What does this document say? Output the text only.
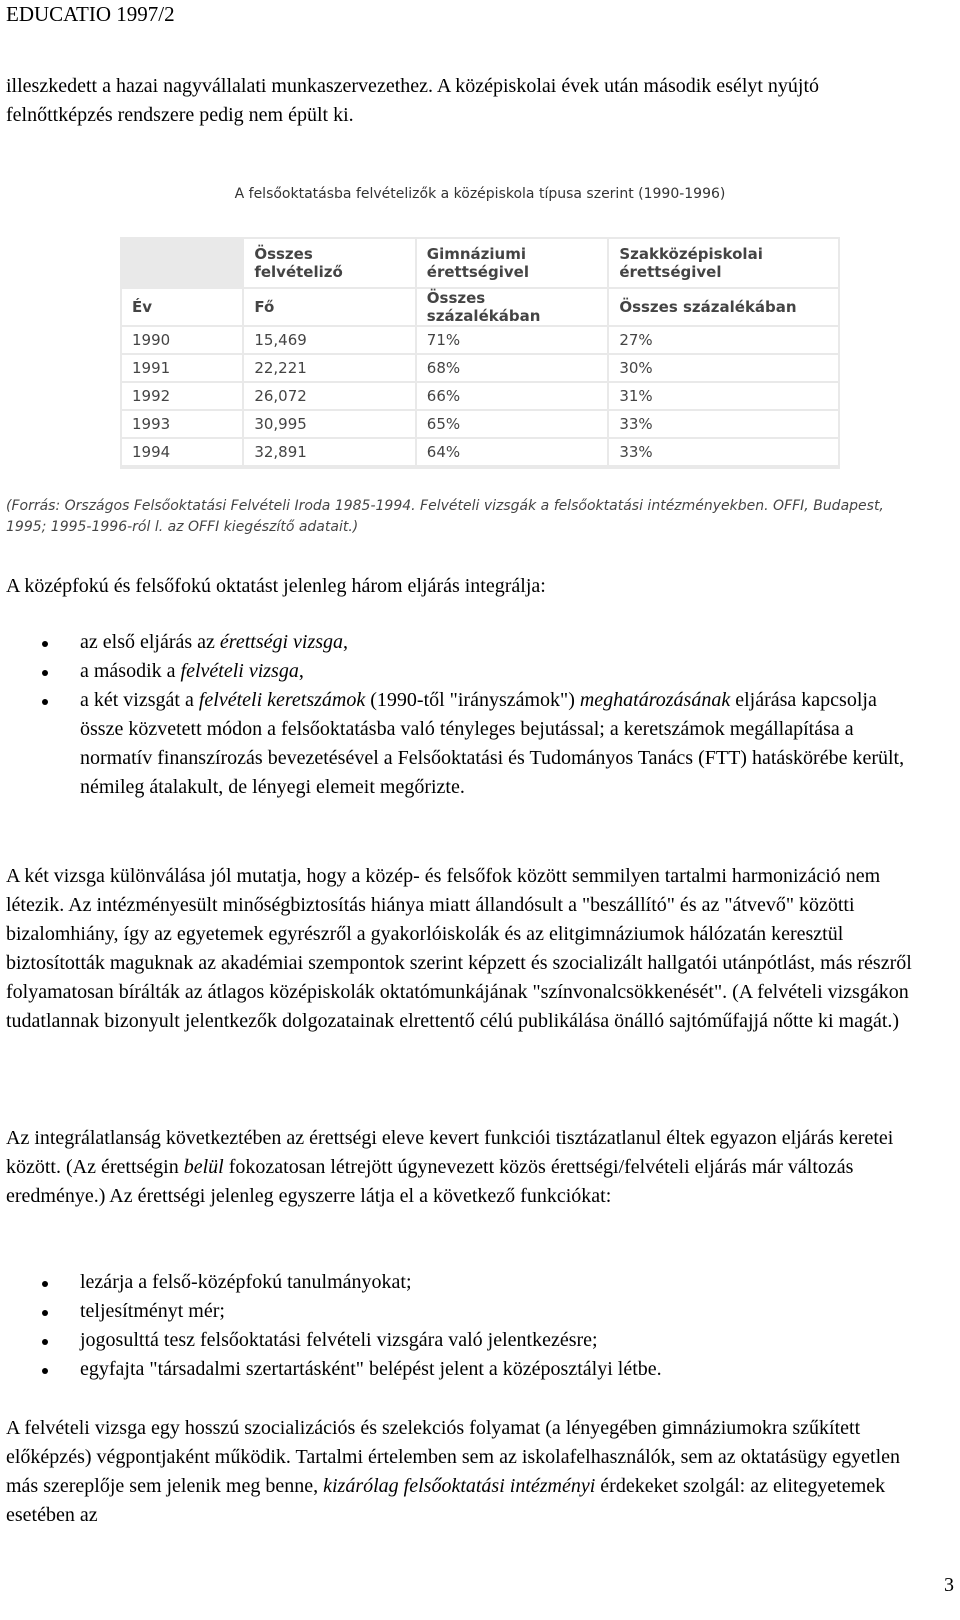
EDUCATIO 1997/2
illeszkedett a hazai nagyvállalati munkaszervezethez. A középiskolai évek után második esélyt nyújtó felnőttképzés rendszere pedig nem épült ki.
A felsőoktatásba felvételizők a középiskola típusa szerint (1990-1996)
	Összes felvételiző	Gimnáziumi érettségivel	Szakközépiskolai érettségivel
Év	Fő	Összes százalékában	Összes százalékában
1990	15,469	71%	27%
1991	22,221	68%	30%
1992	26,072	66%	31%
1993	30,995	65%	33%
1994	32,891	64%	33%
(Forrás: Országos Felsőoktatási Felvételi Iroda 1985-1994. Felvételi vizsgák a felsőoktatási intézményekben. OFFI, Budapest, 1995; 1995-1996-ról l. az OFFI kiegészítő adatait.)
A középfokú és felsőfokú oktatást jelenleg három eljárás integrálja:
az első eljárás az érettségi vizsga,
a második a felvételi vizsga,
a két vizsgát a felvételi keretszámok (1990-től "irányszámok") meghatározásának eljárása kapcsolja össze közvetett módon a felsőoktatásba való tényleges bejutással; a keretszámok megállapítása a normatív finanszírozás bevezetésével a Felsőoktatási és Tudományos Tanács (FTT) hatáskörébe került, némileg átalakult, de lényegi elemeit megőrizte.
A két vizsga különválása jól mutatja, hogy a közép- és felsőfok között semmilyen tartalmi harmonizáció nem létezik. Az intézményesült minőségbiztosítás hiánya miatt állandósult a "beszállító" és az "átvevő" közötti bizalomhiány, így az egyetemek egyrészről a gyakorlóiskolák és az elitgimnáziumok hálózatán keresztül biztosították maguknak az akadémiai szempontok szerint képzett és szocializált hallgatói utánpótlást, más részről folyamatosan bírálták az átlagos középiskolák oktatómunkájának "színvonalcsökkenését". (A felvételi vizsgákon tudatlannak bizonyult jelentkezők dolgozatainak elrettentő célú publikálása önálló sajtóműfajjá nőtte ki magát.)
Az integrálatlanság következtében az érettségi eleve kevert funkciói tisztázatlanul éltek egyazon eljárás keretei között. (Az érettségin belül fokozatosan létrejött úgynevezett közös érettségi/felvételi eljárás már változás eredménye.) Az érettségi jelenleg egyszerre látja el a következő funkciókat:
lezárja a felső-középfokú tanulmányokat;
teljesítményt mér;
jogosulttá tesz felsőoktatási felvételi vizsgára való jelentkezésre;
egyfajta "társadalmi szertartásként" belépést jelent a középosztályi létbe.
A felvételi vizsga egy hosszú szocializációs és szelekciós folyamat (a lényegében gimnáziumokra szűkített előképzés) végpontjaként működik. Tartalmi értelemben sem az iskolafelhasználók, sem az oktatásügy egyetlen más szereplője sem jelenik meg benne, kizárólag felsőoktatási intézményi érdekeket szolgál: az elitegyetemek esetében az
3
